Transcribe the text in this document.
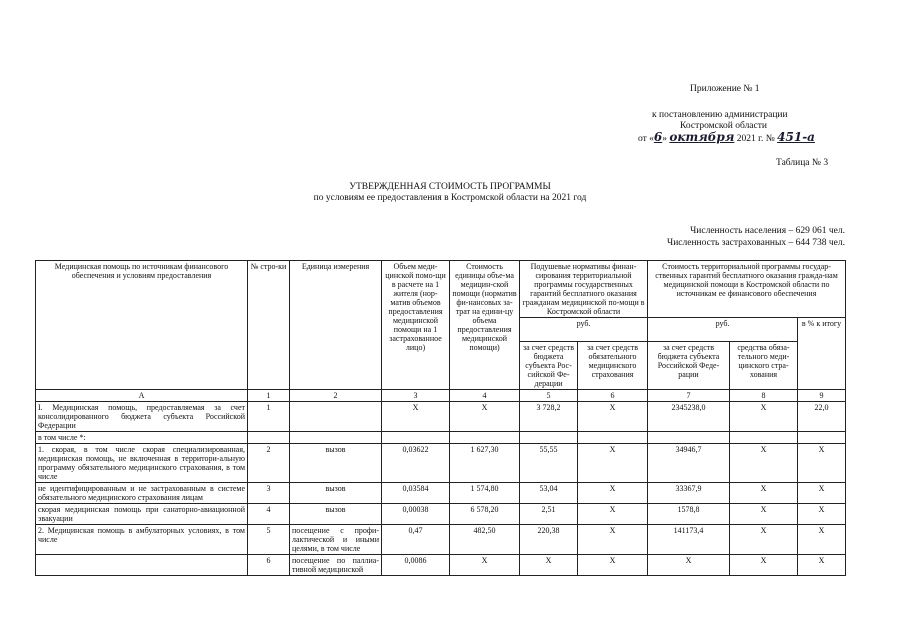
Приложение № 1
к постановлению администрации
Костромской области
от «6» октября 2021 г. № 451-а
Таблица № 3
УТВЕРЖДЕННАЯ СТОИМОСТЬ ПРОГРАММЫ
по условиям ее предоставления в Костромской области на 2021 год
Численность населения – 629 061 чел.
Численность застрахованных – 644 738 чел.
Медицинская помощь по источникам финансового обеспечения и условиям предоставления	№ стро-ки	Единица измерения	Объем меди-цинской помо-щи в расчете на 1 жителя (нор-матив объемов предоставления медицинской помощи на 1 застрахованное лицо)	Стоимость единицы объе-ма медицин-ской помощи (норматив фи-нансовых за-трат на едини-цу объема предоставления медицинской помощи)	Подушевые нормативы финан-сирования территориальной программы государственных гарантий бесплатного оказания гражданам медицинской по-мощи в Костромской области		Стоимость территориальной программы государ-ственных гарантий бесплатного оказания гражда-нам медицинской помощи в Костромской области по источникам ее финансового обеспечения		
					руб.		руб.		в % к итогу
					за счет средств бюджета субъекта Рос-сийской Фе-дерации	за счет средств обязательного медицинского страхования	за счет средств бюджета субъекта Российской Феде-рации	средства обяза-тельного меди-цинского стра-хования	
А	1	2	3	4	5	6	7	8	9
I. Медицинская помощь, предоставляемая за счет консолидированного бюджета субъекта Российской Федерации	1		Х	Х	3 728,2	Х	2345238,0	Х	22,0
в том числе *:									
1. скорая, в том числе скорая специализированная, медицинская помощь, не включенная в территори-альную программу обязательного медицинского страхования, в том числе	2	вызов	0,03622	1 627,30	55,55	Х	34946,7	Х	Х
не идентифицированным и не застрахованным в системе обязательного медицинского страхования лицам	3	вызов	0,03584	1 574,80	53,04	Х	33367,9	Х	Х
скорая медицинская помощь при санаторно-авиационной эвакуации	4	вызов	0,00038	6 578,20	2,51	Х	1578,8	Х	Х
2. Медицинская помощь в амбулаторных условиях, в том числе	5	посещение с профи-лактической и иными целями, в том числе	0,47	482,50	220,38	Х	141173,4	Х	Х
	6	посещение по паллиа-тивной медицинской	0,0086	Х	Х	Х	Х	Х	Х
